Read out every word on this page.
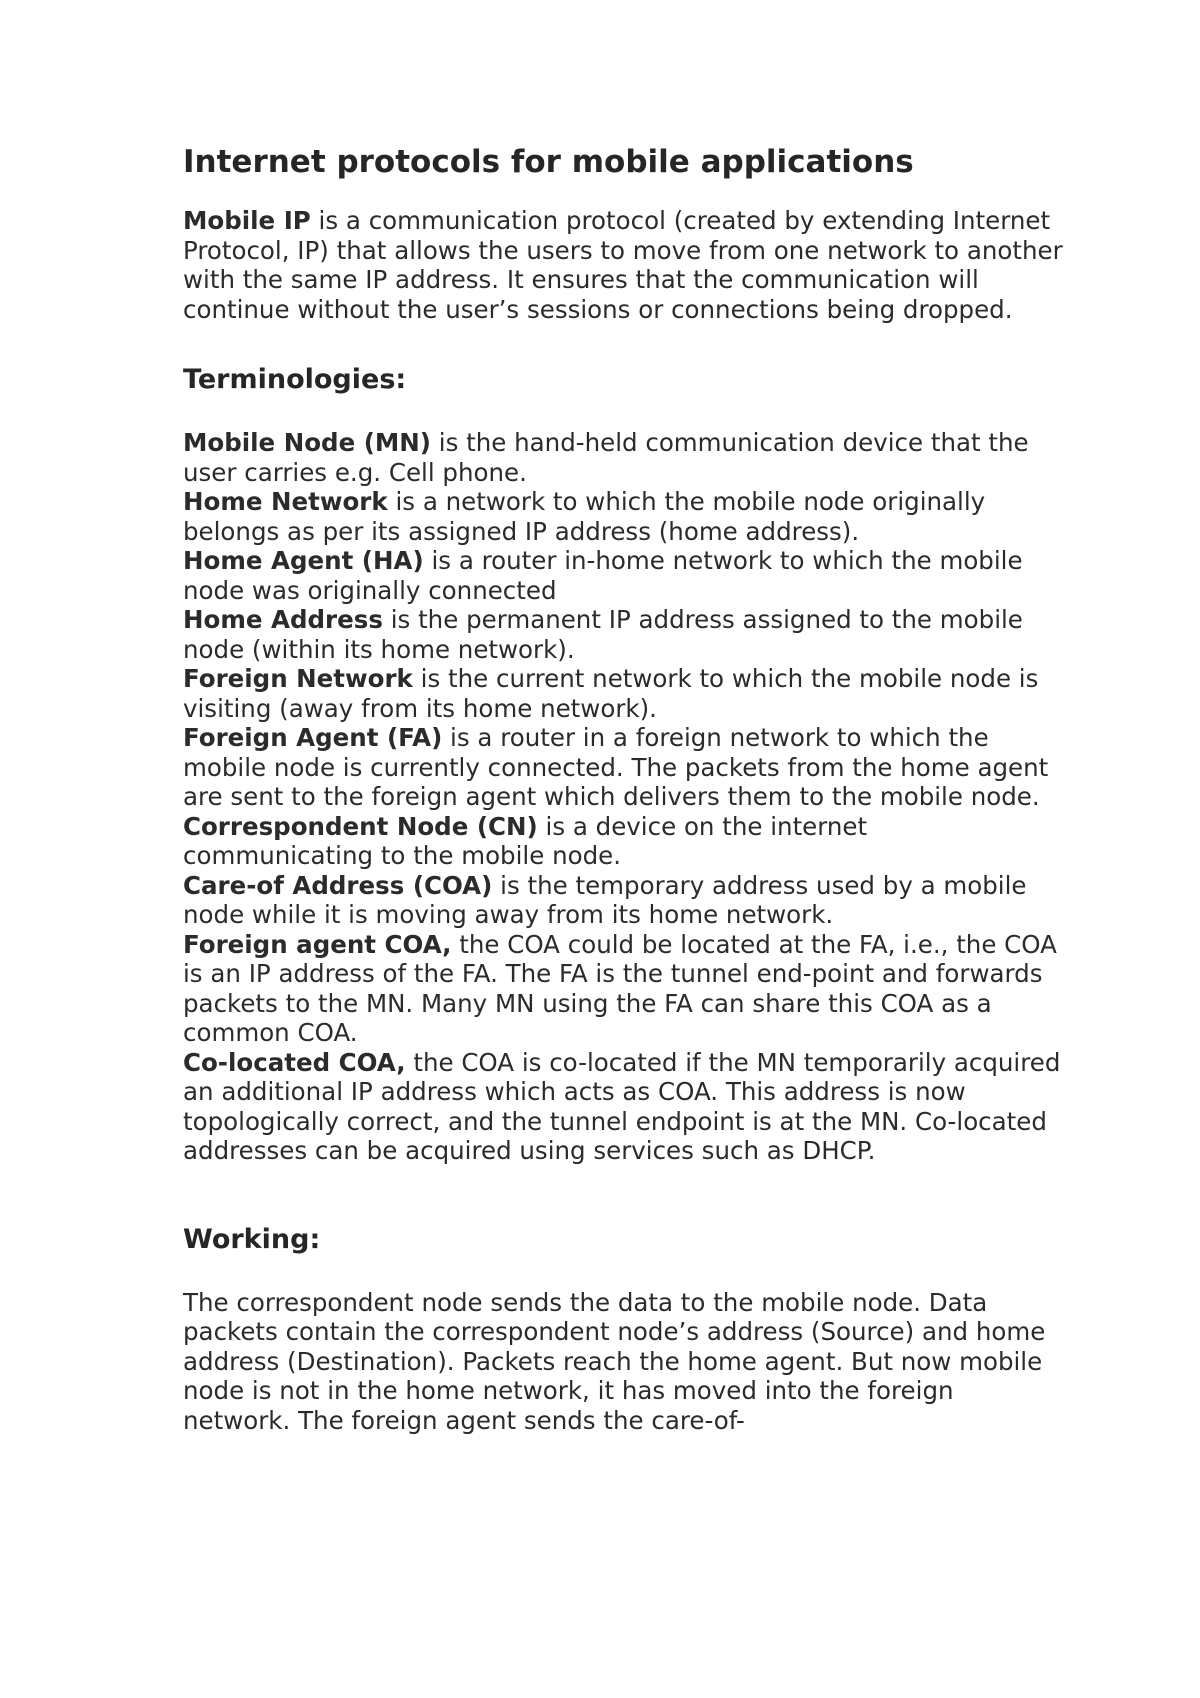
Internet protocols for mobile applications

Mobile IP is a communication protocol (created by extending Internet Protocol, IP) that allows the users to move from one network to another with the same IP address. It ensures that the communication will continue without the user’s sessions or connections being dropped.

Terminologies:

Mobile Node (MN) is the hand-held communication device that the user carries e.g. Cell phone.

Home Network is a network to which the mobile node originally belongs as per its assigned IP address (home address).

Home Agent (HA) is a router in-home network to which the mobile node was originally connected

Home Address is the permanent IP address assigned to the mobile node (within its home network).

Foreign Network is the current network to which the mobile node is visiting (away from its home network).

Foreign Agent (FA) is a router in a foreign network to which the mobile node is currently connected. The packets from the home agent are sent to the foreign agent which delivers them to the mobile node.

Correspondent Node (CN) is a device on the internet communicating to the mobile node.

Care-of Address (COA) is the temporary address used by a mobile node while it is moving away from its home network.

Foreign agent COA, the COA could be located at the FA, i.e., the COA is an IP address of the FA. The FA is the tunnel end-point and forwards packets to the MN. Many MN using the FA can share this COA as a common COA.

Co-located COA, the COA is co-located if the MN temporarily acquired an additional IP address which acts as COA. This address is now topologically correct, and the tunnel endpoint is at the MN. Co-located addresses can be acquired using services such as DHCP.

Working:

The correspondent node sends the data to the mobile node. Data packets contain the correspondent node’s address (Source) and home address (Destination). Packets reach the home agent. But now mobile node is not in the home network, it has moved into the foreign network. The foreign agent sends the care-of-
